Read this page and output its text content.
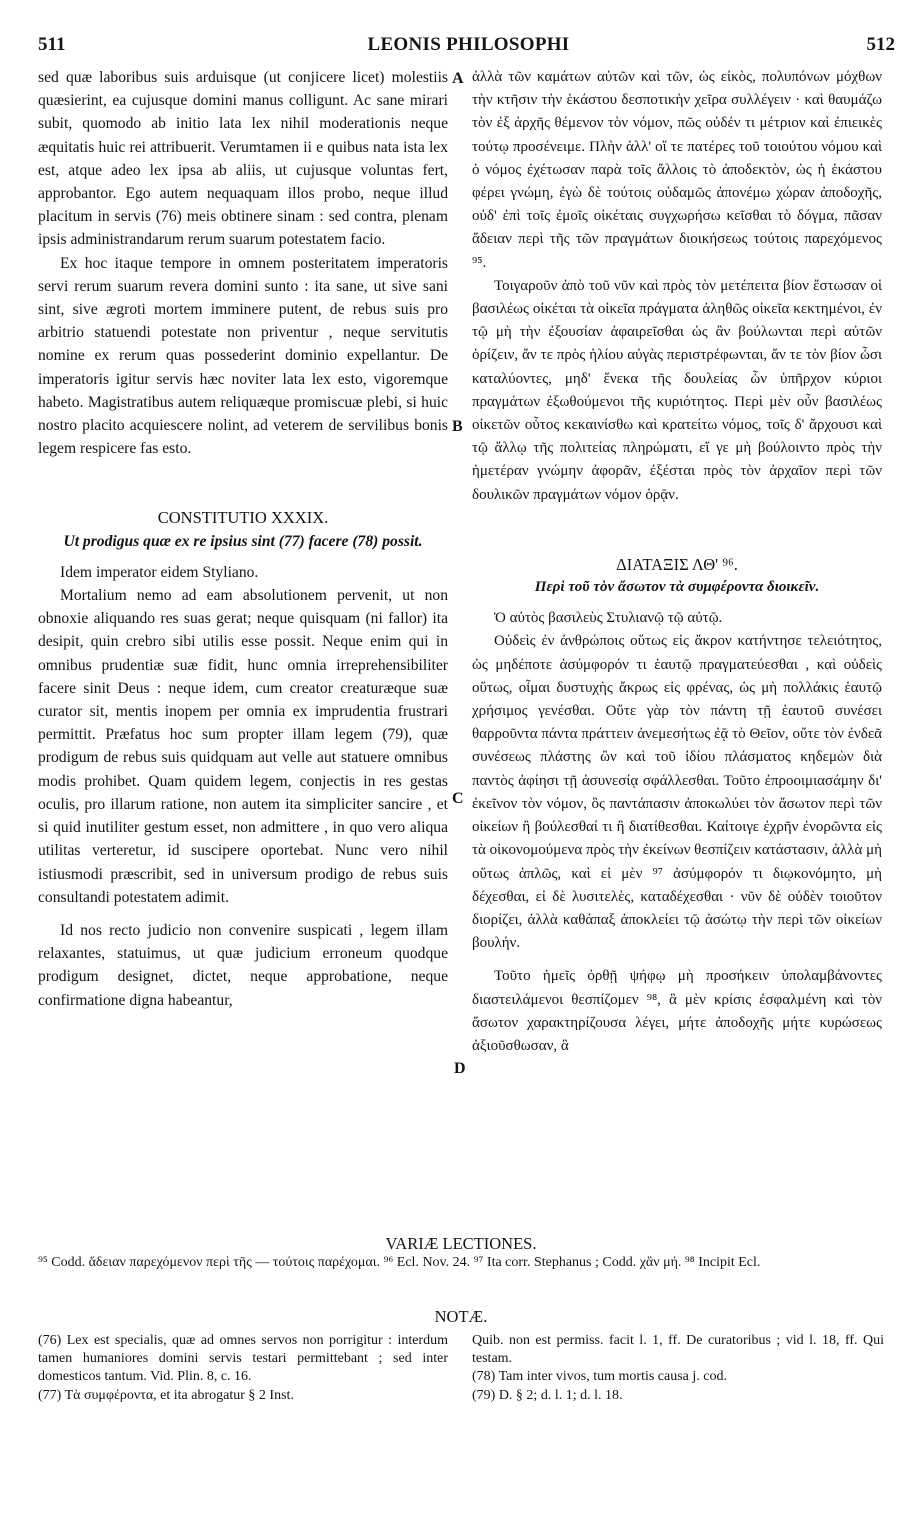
511	LEONIS PHILOSOPHI	512

sed quæ laboribus suis arduisque (ut conjicere licet) molestiis quæsierint, ea cujusque domini manus colligunt. Ac sane mirari subit, quomodo ab initio lata lex nihil moderationis neque æquitatis huic rei attribuerit. Verumtamen ii e quibus nata ista lex est, atque adeo lex ipsa ab aliis, ut cujusque voluntas fert, approbantor. Ego autem nequaquam illos probo, neque illud placitum in servis (76) meis obtinere sinam : sed contra, plenam ipsis administrandarum rerum suarum potestatem facio.

Ex hoc itaque tempore in omnem posteritatem imperatoris servi rerum suarum revera domini sunto : ita sane, ut sive sani sint, sive ægroti mortem imminere putent, de rebus suis pro arbitrio statuendi potestate non priventur , neque servitutis nomine ex rerum quas possederint dominio expellantur. De imperatoris igitur servis hæc noviter lata lex esto, vigoremque habeto. Magistratibus autem reliquæque promiscuæ plebi, si huic nostro placito acquiescere nolint, ad veterem de servilibus bonis legem respicere fas esto.

CONSTITUTIO XXXIX.

Ut prodigus quæ ex re ipsius sint (77) facere (78) possit.

Idem imperator eidem Styliano.

Mortalium nemo ad eam absolutionem pervenit, ut non obnoxie aliquando res suas gerat; neque quisquam (ni fallor) ita desipit, quin crebro sibi utilis esse possit. Neque enim qui in omnibus prudentiæ suæ fidit, hunc omnia irreprehensibiliter facere sinit Deus : neque idem, cum creator creaturæque suæ curator sit, mentis inopem per omnia ex imprudentia frustrari permittit. Præfatus hoc sum propter illam legem (79), quæ prodigum de rebus suis quidquam aut velle aut statuere omnibus modis prohibet. Quam quidem legem, conjectis in res gestas oculis, pro illarum ratione, non autem ita simpliciter sancire , et si quid inutiliter gestum esset, non admittere , in quo vero aliqua utilitas verteretur, id suscipere oportebat. Nunc vero nihil istiusmodi præscribit, sed in universum prodigo de rebus suis consultandi potestatem adimit.

Id nos recto judicio non convenire suspicati , legem illam relaxantes, statuimus, ut quæ judicium erroneum quodque prodigum designet, dictet, neque approbatione, neque confirmatione digna habeantur,

A
B
C
D

ἀλλὰ τῶν καμάτων αὐτῶν καὶ τῶν, ὡς εἰκὸς, πολυπόνων μόχθων τὴν κτῆσιν τὴν ἑκάστου δεσποτικὴν χεῖρα συλλέγειν · καὶ θαυμάζω τὸν ἐξ ἀρχῆς θέμενον τὸν νόμον, πῶς οὐδέν τι μέτριον καὶ ἐπιεικὲς τούτῳ προσένειμε. Πλὴν ἀλλ' οἵ τε πατέρες τοῦ τοιούτου νόμου καὶ ὁ νόμος ἐχέτωσαν παρὰ τοῖς ἄλλοις τὸ ἀποδεκτὸν, ὡς ἡ ἑκάστου φέρει γνώμη, ἐγὼ δὲ τούτοις οὐδαμῶς ἀπονέμω χώραν ἀποδοχῆς, οὐδ' ἐπὶ τοῖς ἐμοῖς οἰκέταις συγχωρήσω κεῖσθαι τὸ δόγμα, πᾶσαν ἄδειαν περὶ τῆς τῶν πραγμάτων διοικήσεως τούτοις παρεχόμενος ⁹⁵.

Τοιγαροῦν ἀπὸ τοῦ νῦν καὶ πρὸς τὸν μετέπειτα βίον ἔστωσαν οἱ βασιλέως οἰκέται τὰ οἰκεῖα πράγματα ἀληθῶς οἰκεῖα κεκτημένοι, ἐν τῷ μὴ τὴν ἐξουσίαν ἀφαιρεῖσθαι ὡς ἂν βούλωνται περὶ αὐτῶν ὁρίζειν, ἄν τε πρὸς ἡλίου αὐγὰς περιστρέφωνται, ἄν τε τὸν βίον ὦσι καταλύοντες, μηδ' ἕνεκα τῆς δουλείας ὧν ὑπῆρχον κύριοι πραγμάτων ἐξωθούμενοι τῆς κυριότητος. Περὶ μὲν οὖν βασιλέως οἰκετῶν οὗτος κεκαινίσθω καὶ κρατείτω νόμος, τοῖς δ' ἄρχουσι καὶ τῷ ἄλλῳ τῆς πολιτείας πληρώματι, εἴ γε μὴ βούλοιντο πρὸς τὴν ἡμετέραν γνώμην ἀφορᾶν, ἐξέσται πρὸς τὸν ἀρχαῖον περὶ τῶν δουλικῶν πραγμάτων νόμον ὁρᾷν.

ΔΙΑΤΑΞΙΣ ΛΘ' ⁹⁶.

Περὶ τοῦ τὸν ἄσωτον τὰ συμφέροντα διοικεῖν.

Ὁ αὐτὸς βασιλεὺς Στυλιανῷ τῷ αὐτῷ.

Οὐδεὶς ἐν ἀνθρώποις οὕτως εἰς ἄκρον κατήντησε τελειότητος, ὡς μηδέποτε ἀσύμφορόν τι ἑαυτῷ πραγματεύεσθαι , καὶ οὐδεὶς οὕτως, οἶμαι δυστυχὴς ἄκρως εἰς φρένας, ὡς μὴ πολλάκις ἑαυτῷ χρήσιμος γενέσθαι. Οὔτε γὰρ τὸν πάντη τῇ ἑαυτοῦ συνέσει θαρροῦντα πάντα πράττειν ἀνεμεσήτως ἐᾷ τὸ Θεῖον, οὔτε τὸν ἐνδεᾶ συνέσεως πλάστης ὢν καὶ τοῦ ἰδίου πλάσματος κηδεμὼν διὰ παντὸς ἀφίησι τῇ ἀσυνεσίᾳ σφάλλεσθαι. Τοῦτο ἐπροοιμιασάμην δι' ἐκεῖνον τὸν νόμον, ὃς παντάπασιν ἀποκωλύει τὸν ἄσωτον περὶ τῶν οἰκείων ἢ βούλεσθαί τι ἢ διατίθεσθαι. Καίτοιγε ἐχρῆν ἐνορῶντα εἰς τὰ οἰκονομούμενα πρὸς τὴν ἐκείνων θεσπίζειν κατάστασιν, ἀλλὰ μὴ οὕτως ἁπλῶς, καὶ εἰ μὲν ⁹⁷ ἀσύμφορόν τι διῳκονόμητο, μὴ δέχεσθαι, εἰ δὲ λυσιτελὲς, καταδέχεσθαι · νῦν δὲ οὐδὲν τοιοῦτον διορίζει, ἀλλὰ καθάπαξ ἀποκλείει τῷ ἀσώτῳ τὴν περὶ τῶν οἰκείων βουλήν.

Τοῦτο ἡμεῖς ὀρθῇ ψήφῳ μὴ προσήκειν ὑπολαμβάνοντες διαστειλάμενοι θεσπίζομεν ⁹⁸, ἃ μὲν κρίσις ἐσφαλμένη καὶ τὸν ἄσωτον χαρακτηρίζουσα λέγει, μήτε ἀποδοχῆς μήτε κυρώσεως ἀξιοῦσθωσαν, ἃ

VARIÆ LECTIONES.

⁹⁵ Codd. ἄδειαν παρεχόμενον περὶ τῆς — τούτοις παρέχομαι. ⁹⁶ Ecl. Nov. 24. ⁹⁷ Ita corr. Stephanus ; Codd. χἂν μή. ⁹⁸ Incipit Ecl.

NOTÆ.

(76) Lex est specialis, quæ ad omnes servos non porrigitur : interdum tamen humaniores domini servis testari permittebant ; sed inter domesticos tantum. Vid. Plin. 8, c. 16.

(77) Τὰ συμφέροντα, et ita abrogatur § 2 Inst.

Quib. non est permiss. facit l. 1, ff. De curatoribus ; vid l. 18, ff. Qui testam.

(78) Tam inter vivos, tum mortis causa j. cod.

(79) D. § 2; d. l. 1; d. l. 18.
